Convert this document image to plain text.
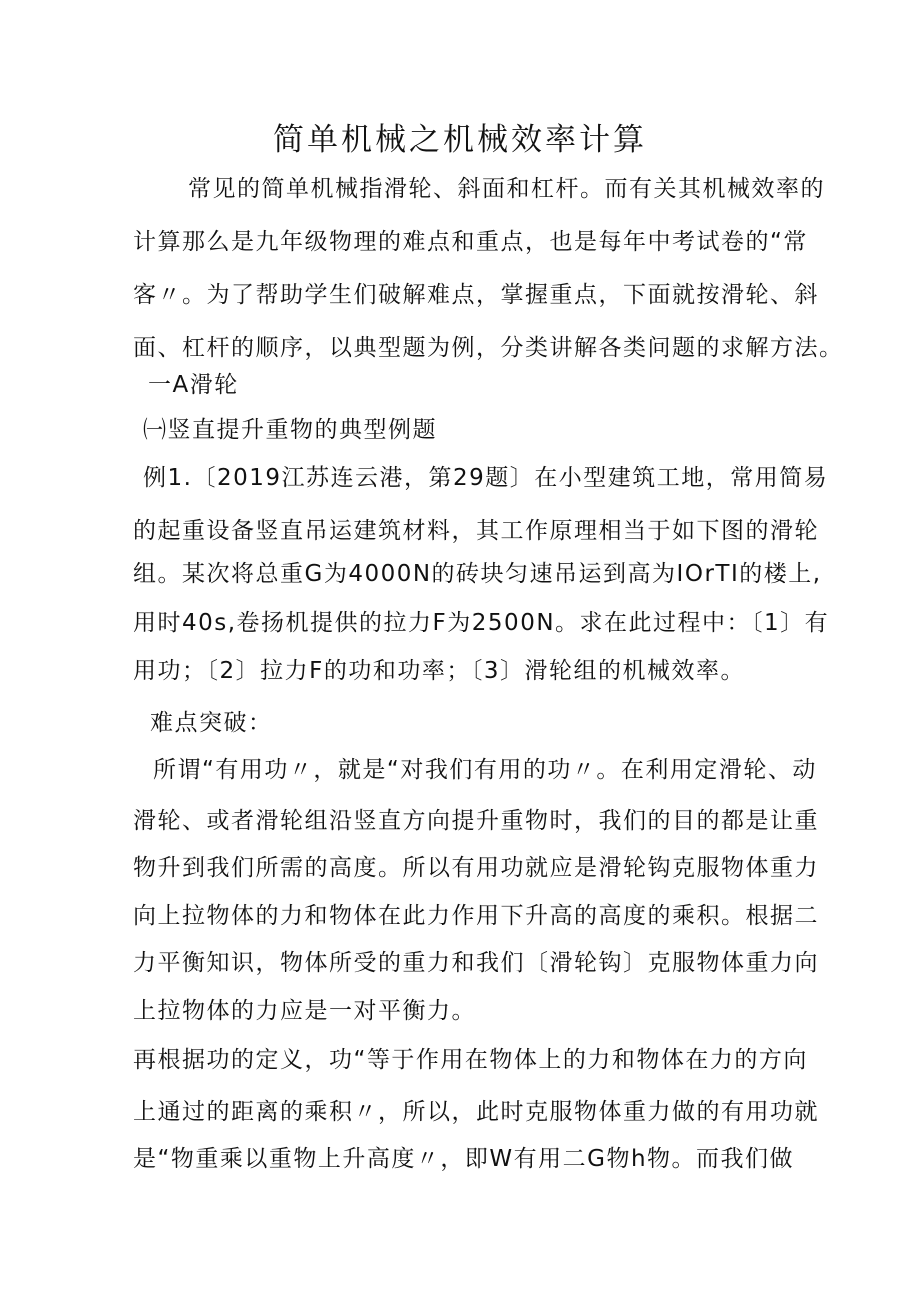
简单机械之机械效率计算
常见的简单机械指滑轮、斜面和杠杆。而有关其机械效率的
计算那么是九年级物理的难点和重点，也是每年中考试卷的“常
客〃。为了帮助学生们破解难点，掌握重点，下面就按滑轮、斜
面、杠杆的顺序，以典型题为例，分类讲解各类问题的求解方法。
一A滑轮
㈠竖直提升重物的典型例题
例1.〔2019江苏连云港，第29题〕在小型建筑工地，常用简易
的起重设备竖直吊运建筑材料，其工作原理相当于如下图的滑轮
组。某次将总重G为4000N的砖块匀速吊运到高为IOrTI的楼上,
用时40s,卷扬机提供的拉力F为2500N。求在此过程中：〔1〕有
用功；〔2〕拉力F的功和功率；〔3〕滑轮组的机械效率。
难点突破：
所谓“有用功〃，就是“对我们有用的功〃。在利用定滑轮、动
滑轮、或者滑轮组沿竖直方向提升重物时，我们的目的都是让重
物升到我们所需的高度。所以有用功就应是滑轮钩克服物体重力
向上拉物体的力和物体在此力作用下升高的高度的乘积。根据二
力平衡知识，物体所受的重力和我们〔滑轮钩〕克服物体重力向
上拉物体的力应是一对平衡力。
再根据功的定义，功“等于作用在物体上的力和物体在力的方向
上通过的距离的乘积〃，所以，此时克服物体重力做的有用功就
是“物重乘以重物上升高度〃，即W有用二G物h物。而我们做
